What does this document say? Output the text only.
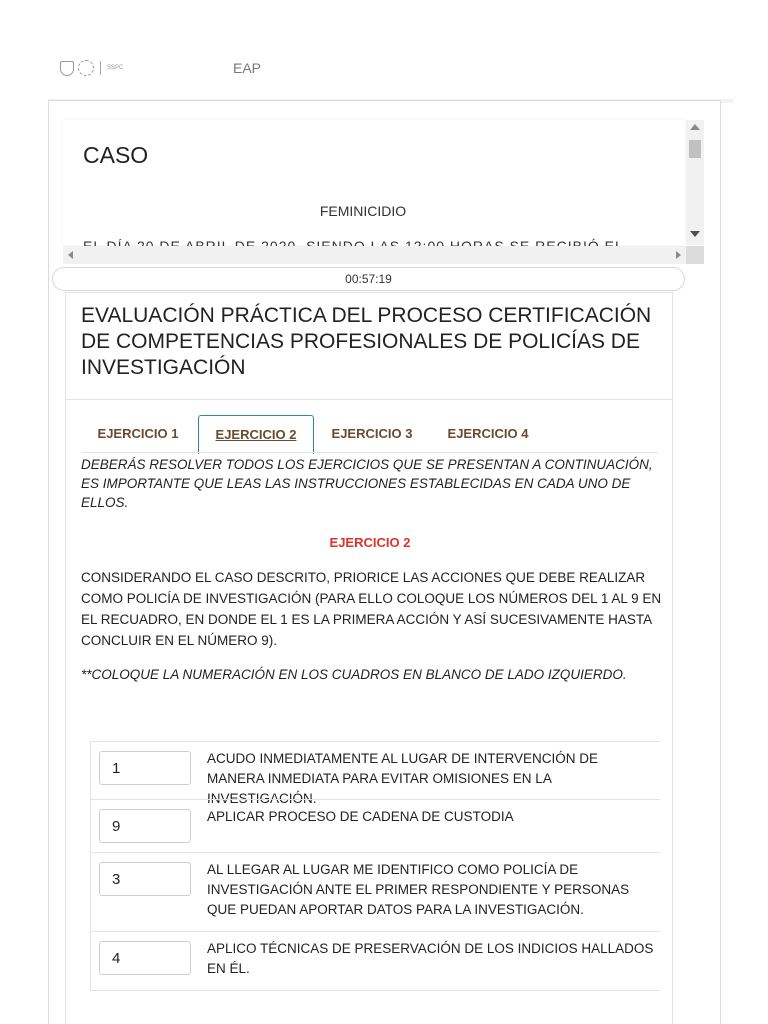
SSPC	EAP
CASO
FEMINICIDIO
00:57:19
EVALUACIÓN PRÁCTICA DEL PROCESO CERTIFICACIÓN DE COMPETENCIAS PROFESIONALES DE POLICÍAS DE INVESTIGACIÓN
EJERCICIO 1	EJERCICIO 2	EJERCICIO 3	EJERCICIO 4
DEBERÁS RESOLVER TODOS LOS EJERCICIOS QUE SE PRESENTAN A CONTINUACIÓN, ES IMPORTANTE QUE LEAS LAS INSTRUCCIONES ESTABLECIDAS EN CADA UNO DE ELLOS.
EJERCICIO 2
CONSIDERANDO EL CASO DESCRITO, PRIORICE LAS ACCIONES QUE DEBE REALIZAR COMO POLICÍA DE INVESTIGACIÓN (PARA ELLO COLOQUE LOS NÚMEROS DEL 1 AL 9 EN EL RECUADRO, EN DONDE EL 1 ES LA PRIMERA ACCIÓN Y ASÍ SUCESIVAMENTE HASTA CONCLUIR EN EL NÚMERO 9).
**COLOQUE LA NUMERACIÓN EN LOS CUADROS EN BLANCO DE LADO IZQUIERDO.
1
ACUDO INMEDIATAMENTE AL LUGAR DE INTERVENCIÓN DE MANERA INMEDIATA PARA EVITAR OMISIONES EN LA INVESTIGACIÓN.
9
APLICAR PROCESO DE CADENA DE CUSTODIA
3
AL LLEGAR AL LUGAR ME IDENTIFICO COMO POLICÍA DE INVESTIGACIÓN ANTE EL PRIMER RESPONDIENTE Y PERSONAS QUE PUEDAN APORTAR DATOS PARA LA INVESTIGACIÓN.
4
APLICO TÉCNICAS DE PRESERVACIÓN DE LOS INDICIOS HALLADOS EN ÉL.
